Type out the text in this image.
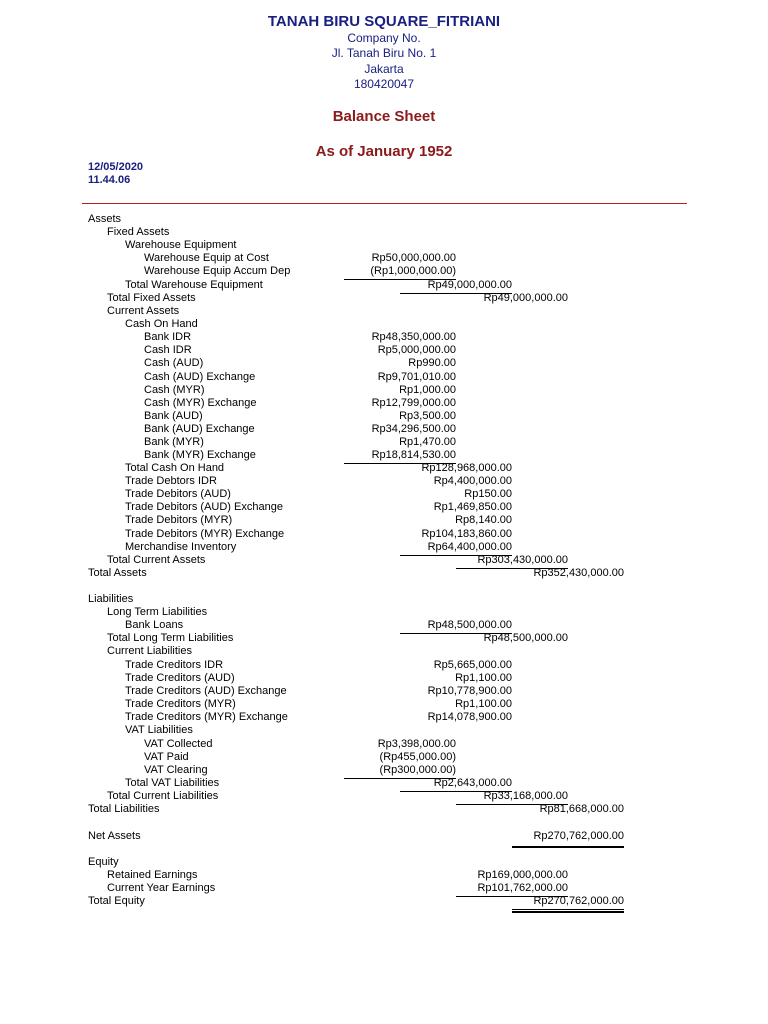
TANAH BIRU SQUARE_FITRIANI
Company No.
Jl. Tanah Biru No. 1
Jakarta
180420047
Balance Sheet
As of January 1952
12/05/2020
11.44.06
Assets
Fixed Assets
Warehouse Equipment
Warehouse Equip at Cost	Rp50,000,000.00
Warehouse Equip Accum Dep	(Rp1,000,000.00)
Total Warehouse Equipment	Rp49,000,000.00
Total Fixed Assets	Rp49,000,000.00
Current Assets
Cash On Hand
Bank IDR	Rp48,350,000.00
Cash IDR	Rp5,000,000.00
Cash (AUD)	Rp990.00
Cash (AUD) Exchange	Rp9,701,010.00
Cash (MYR)	Rp1,000.00
Cash (MYR) Exchange	Rp12,799,000.00
Bank (AUD)	Rp3,500.00
Bank (AUD) Exchange	Rp34,296,500.00
Bank (MYR)	Rp1,470.00
Bank (MYR) Exchange	Rp18,814,530.00
Total Cash On Hand	Rp128,968,000.00
Trade Debtors IDR	Rp4,400,000.00
Trade Debitors (AUD)	Rp150.00
Trade Debitors (AUD) Exchange	Rp1,469,850.00
Trade Debitors (MYR)	Rp8,140.00
Trade Debitors (MYR) Exchange	Rp104,183,860.00
Merchandise Inventory	Rp64,400,000.00
Total Current Assets	Rp303,430,000.00
Total Assets	Rp352,430,000.00
Liabilities
Long Term Liabilities
Bank Loans	Rp48,500,000.00
Total Long Term Liabilities	Rp48,500,000.00
Current Liabilities
Trade Creditors IDR	Rp5,665,000.00
Trade Creditors (AUD)	Rp1,100.00
Trade Creditors (AUD) Exchange	Rp10,778,900.00
Trade Creditors (MYR)	Rp1,100.00
Trade Creditors (MYR) Exchange	Rp14,078,900.00
VAT Liabilities
VAT Collected	Rp3,398,000.00
VAT Paid	(Rp455,000.00)
VAT Clearing	(Rp300,000.00)
Total VAT Liabilities	Rp2,643,000.00
Total Current Liabilities	Rp33,168,000.00
Total Liabilities	Rp81,668,000.00
Net Assets	Rp270,762,000.00
Equity
Retained Earnings	Rp169,000,000.00
Current Year Earnings	Rp101,762,000.00
Total Equity	Rp270,762,000.00
